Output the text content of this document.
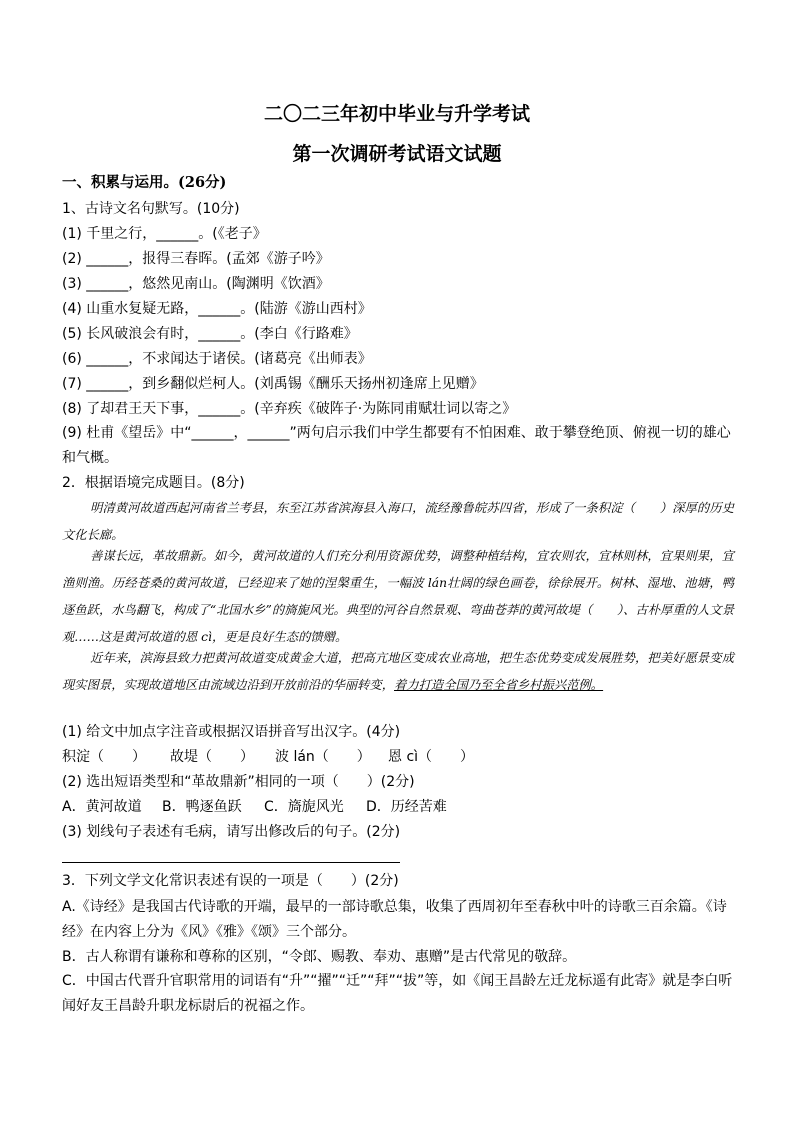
二〇二三年初中毕业与升学考试
第一次调研考试语文试题
一、积累与运用。(26分)
1、古诗文名句默写。(10分)
(1) 千里之行，______。(《老子》
(2) ______，报得三春晖。(孟郊《游子吟》
(3) ______，悠然见南山。(陶渊明《饮酒》
(4) 山重水复疑无路，______。(陆游《游山西村》
(5) 长风破浪会有时，______。(李白《行路难》
(6) ______，不求闻达于诸侯。(诸葛亮《出师表》
(7) ______，到乡翻似烂柯人。(刘禹锡《酬乐天扬州初逢席上见赠》
(8) 了却君王天下事，______。(辛弃疾《破阵子·为陈同甫赋壮词以寄之》
(9) 杜甫《望岳》中“______，______”两句启示我们中学生都要有不怕困难、敢于攀登绝顶、俯视一切的雄心和气概。
2．根据语境完成题目。(8分)
明清黄河故道西起河南省兰考县，东至江苏省滨海县入海口，流经豫鲁皖苏四省，形成了一条积淀（　　）深厚的历史文化长廊。
善谋长远，革故鼎新。如今，黄河故道的人们充分利用资源优势，调整种植结构，宜农则农，宜林则林，宜果则果，宜渔则渔。历经苍桑的黄河故道，已经迎来了她的涅槃重生，一幅波 lán壮阔的绿色画卷，徐徐展开。树林、湿地、池塘，鸭逐鱼跃，水鸟翻飞，构成了“北国水乡”的旖旎风光。典型的河谷自然景观、弯曲苍莽的黄河故堤（　　）、古朴厚重的人文景观……这是黄河故道的恩 cì，更是良好生态的馈赠。
近年来，滨海县致力把黄河故道变成黄金大道，把高亢地区变成农业高地，把生态优势变成发展胜势，把美好愿景变成现实图景，实现故道地区由流域边沿到开放前沿的华丽转变，着力打造全国乃至全省乡村振兴范例。
(1) 给文中加点字注音或根据汉语拼音写出汉字。(4分)
积淀（　　） 故堤（　　） 波 lán（　　） 恩 cì（　　）
(2) 选出短语类型和“革故鼎新”相同的一项（　　）(2分)
A．黄河故道 B．鸭逐鱼跃 C．旖旎风光 D．历经苦难
(3) 划线句子表述有毛病，请写出修改后的句子。(2分)
3．下列文学文化常识表述有误的一项是（　　）(2分)
A.《诗经》是我国古代诗歌的开端，最早的一部诗歌总集，收集了西周初年至春秋中叶的诗歌三百余篇。《诗经》在内容上分为《风》《雅》《颂》三个部分。
B．古人称谓有谦称和尊称的区别，“令郎、赐教、奉劝、惠赠”是古代常见的敬辞。
C．中国古代晋升官职常用的词语有“升”“擢”“迁”“拜”“拔”等，如《闻王昌龄左迁龙标遥有此寄》就是李白听闻好友王昌龄升职龙标尉后的祝福之作。
